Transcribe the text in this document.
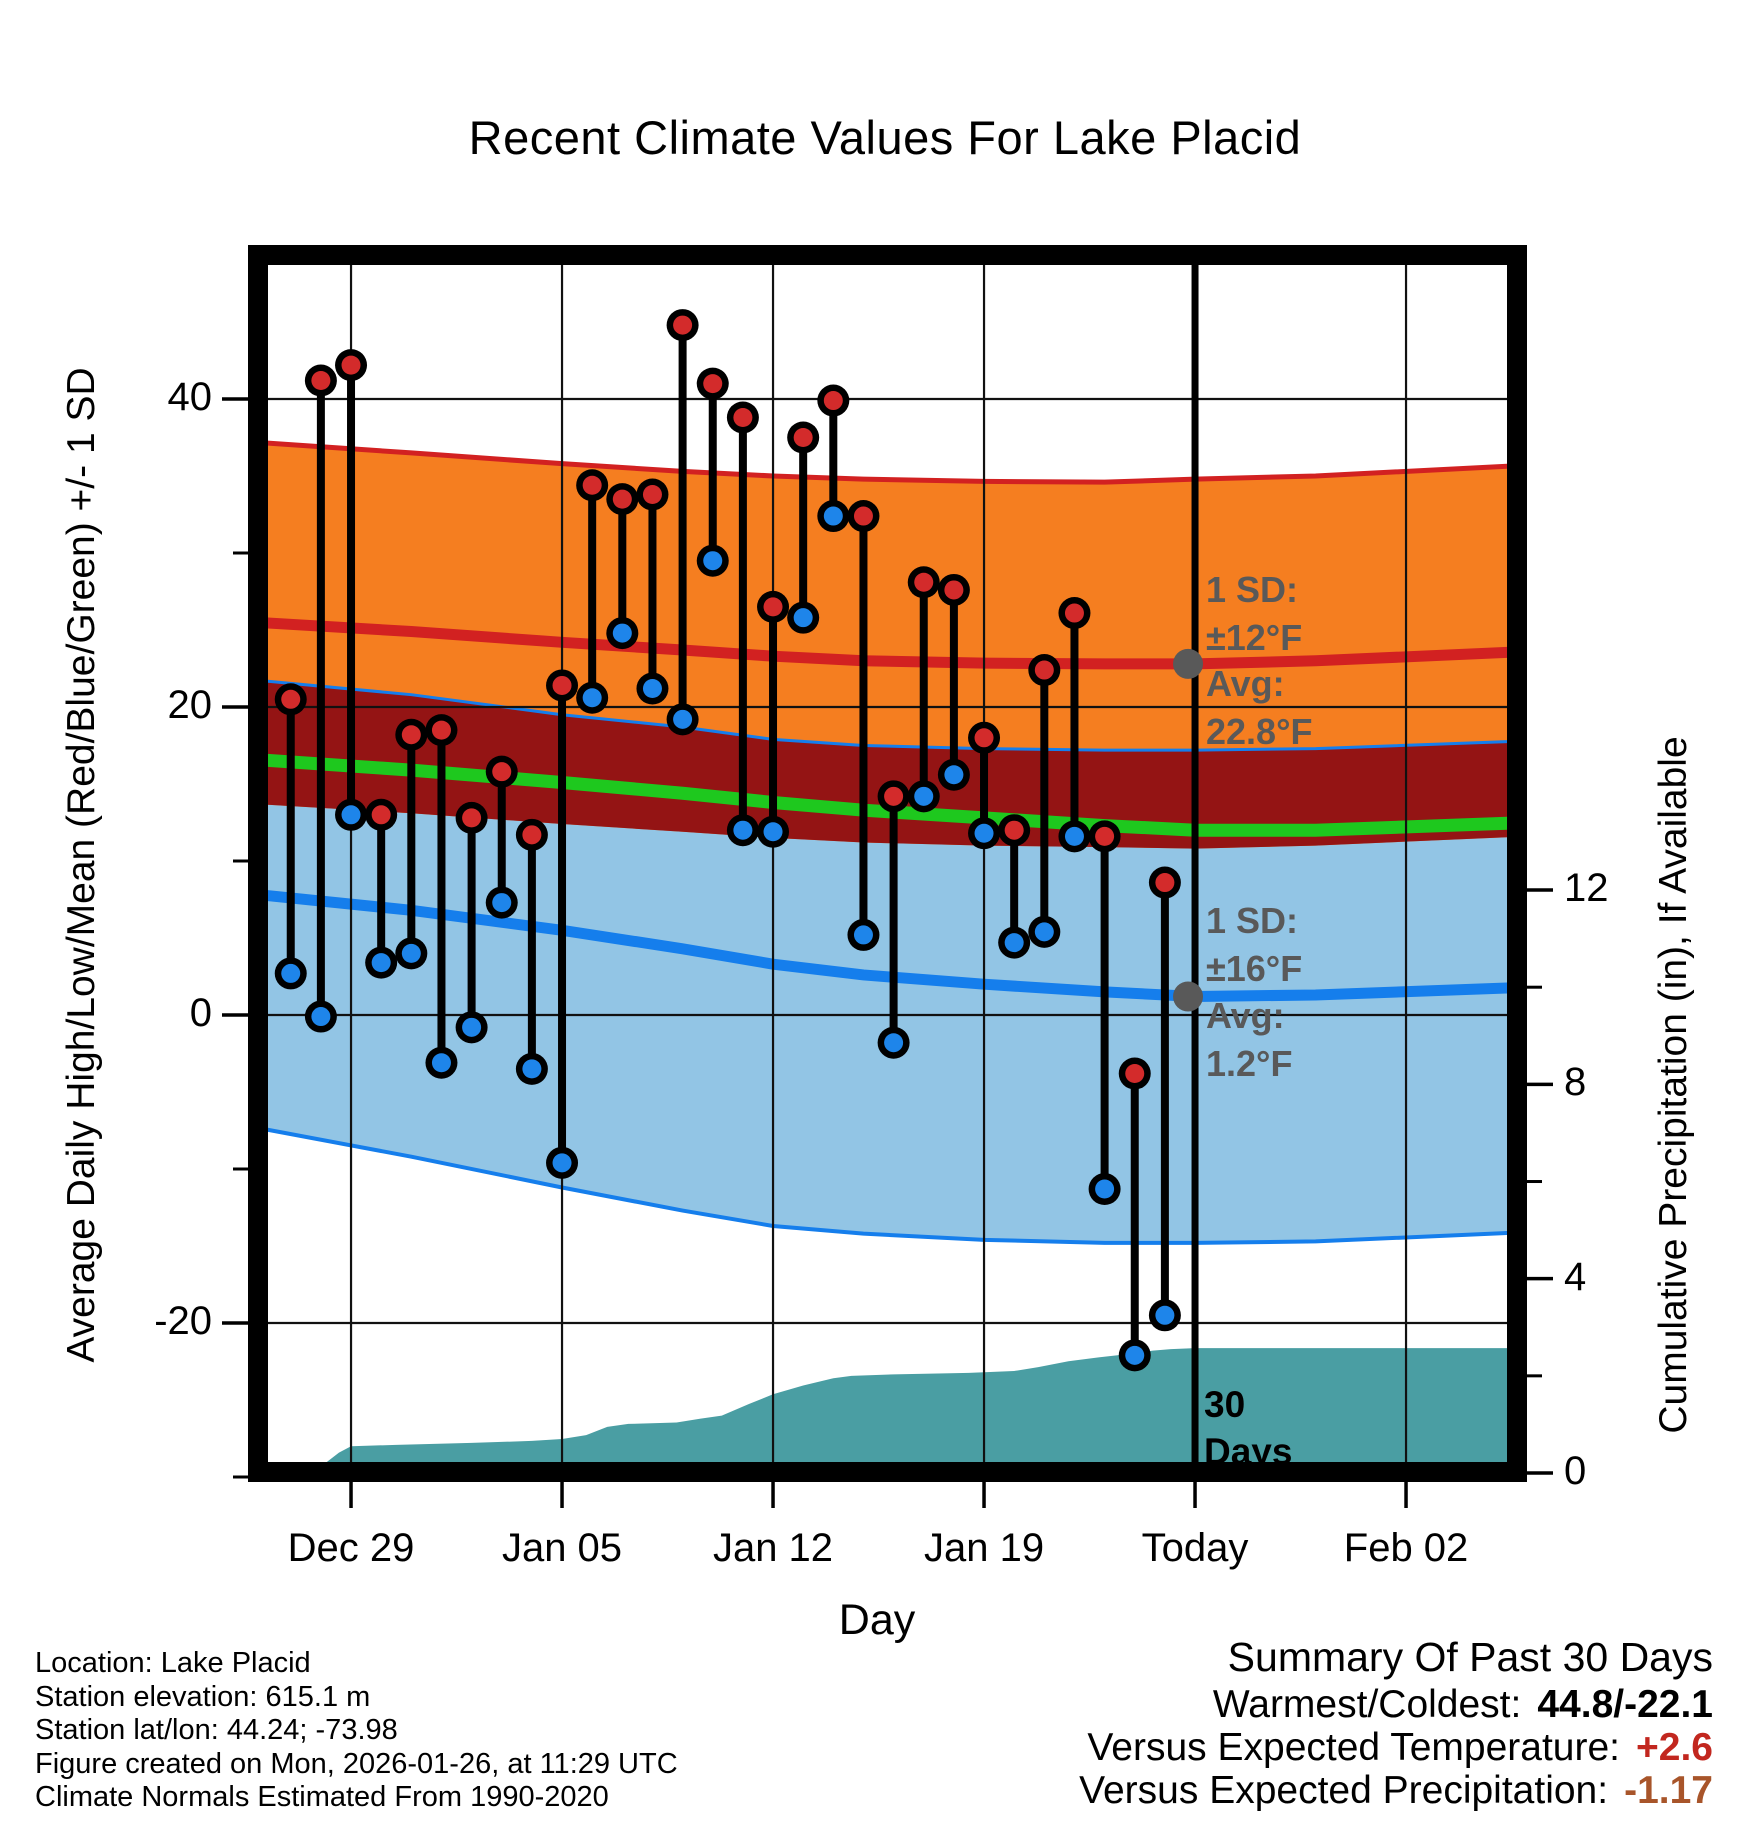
Recent Climate Values For Lake Placid
Average Daily High/Low/Mean (Red/Blue/Green) +/- 1 SD	Cumulative Precipitation (in), If Available
Day
1 SD:
±12°F
Avg:
22.8°F
1 SD:
±16°F
Avg:
1.2°F
30
Days
Location: Lake Placid
Station elevation: 615.1 m
Station lat/lon: 44.24; -73.98
Figure created on Mon, 2026-01-26, at 11:29 UTC
Climate Normals Estimated From 1990-2020
Summary Of Past 30 Days
Warmest/Coldest: 44.8/-22.1
Versus Expected Temperature: +2.6
Versus Expected Precipitation: -1.17
40
20
0
-20
12
8
4
0
Dec 29	Jan 05	Jan 12	Jan 19	Today	Feb 02
